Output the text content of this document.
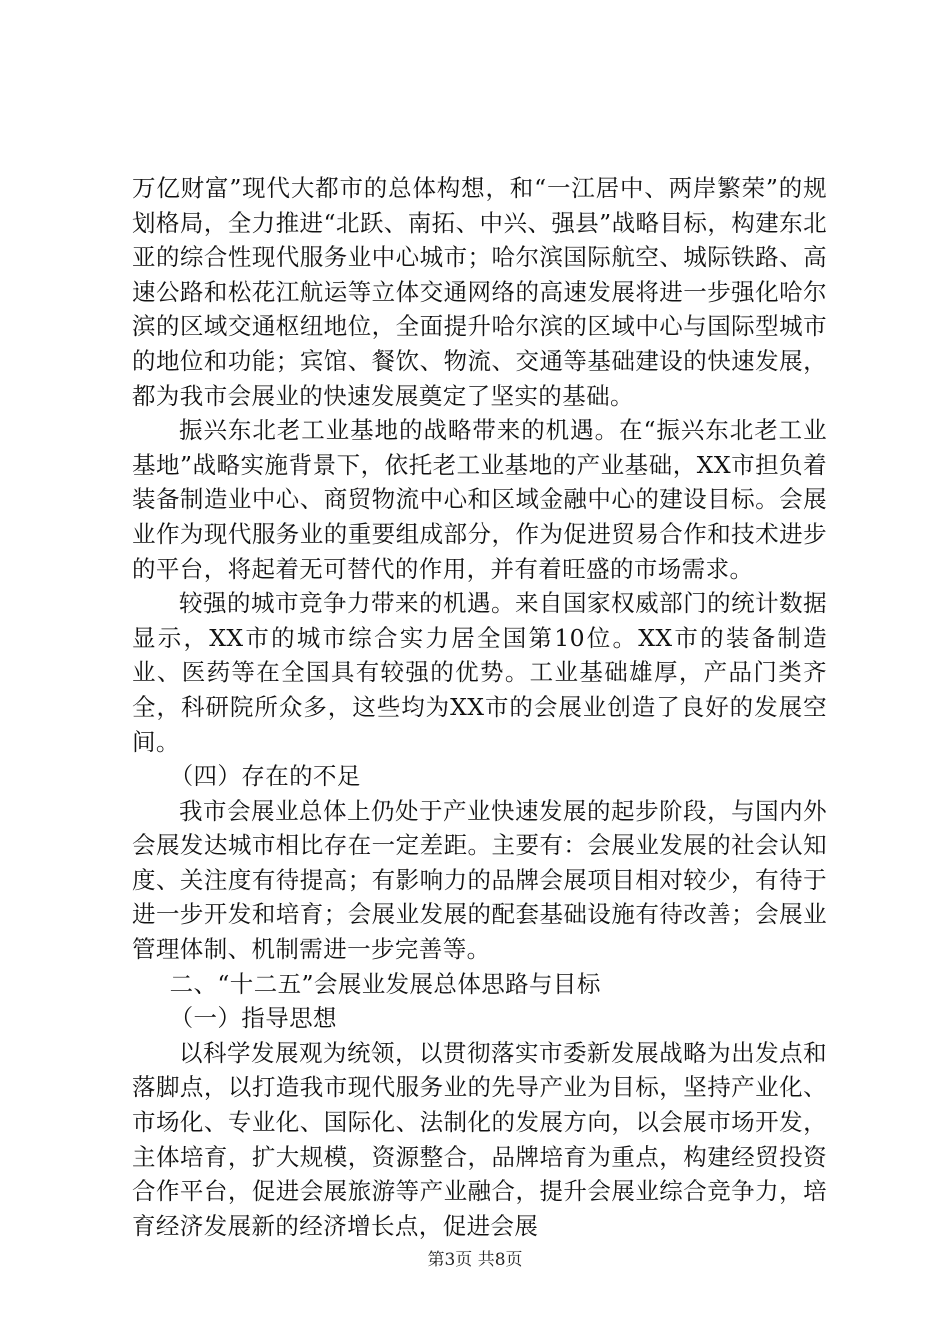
万亿财富”现代大都市的总体构想，和“一江居中、两岸繁荣”的规划格局，全力推进“北跃、南拓、中兴、强县”战略目标，构建东北亚的综合性现代服务业中心城市；哈尔滨国际航空、城际铁路、高速公路和松花江航运等立体交通网络的高速发展将进一步强化哈尔滨的区域交通枢纽地位，全面提升哈尔滨的区域中心与国际型城市的地位和功能；宾馆、餐饮、物流、交通等基础建设的快速发展，都为我市会展业的快速发展奠定了坚实的基础。

振兴东北老工业基地的战略带来的机遇。在“振兴东北老工业基地”战略实施背景下，依托老工业基地的产业基础，XX市担负着装备制造业中心、商贸物流中心和区域金融中心的建设目标。会展业作为现代服务业的重要组成部分，作为促进贸易合作和技术进步的平台，将起着无可替代的作用，并有着旺盛的市场需求。

较强的城市竞争力带来的机遇。来自国家权威部门的统计数据显示，XX市的城市综合实力居全国第10位。XX市的装备制造业、医药等在全国具有较强的优势。工业基础雄厚，产品门类齐全，科研院所众多，这些均为XX市的会展业创造了良好的发展空间。

（四）存在的不足

我市会展业总体上仍处于产业快速发展的起步阶段，与国内外会展发达城市相比存在一定差距。主要有：会展业发展的社会认知度、关注度有待提高；有影响力的品牌会展项目相对较少，有待于进一步开发和培育；会展业发展的配套基础设施有待改善；会展业管理体制、机制需进一步完善等。

二、“十二五”会展业发展总体思路与目标

（一）指导思想

以科学发展观为统领，以贯彻落实市委新发展战略为出发点和落脚点，以打造我市现代服务业的先导产业为目标，坚持产业化、市场化、专业化、国际化、法制化的发展方向，以会展市场开发，主体培育，扩大规模，资源整合，品牌培育为重点，构建经贸投资合作平台，促进会展旅游等产业融合，提升会展业综合竞争力，培育经济发展新的经济增长点，促进会展

第3页 共8页
